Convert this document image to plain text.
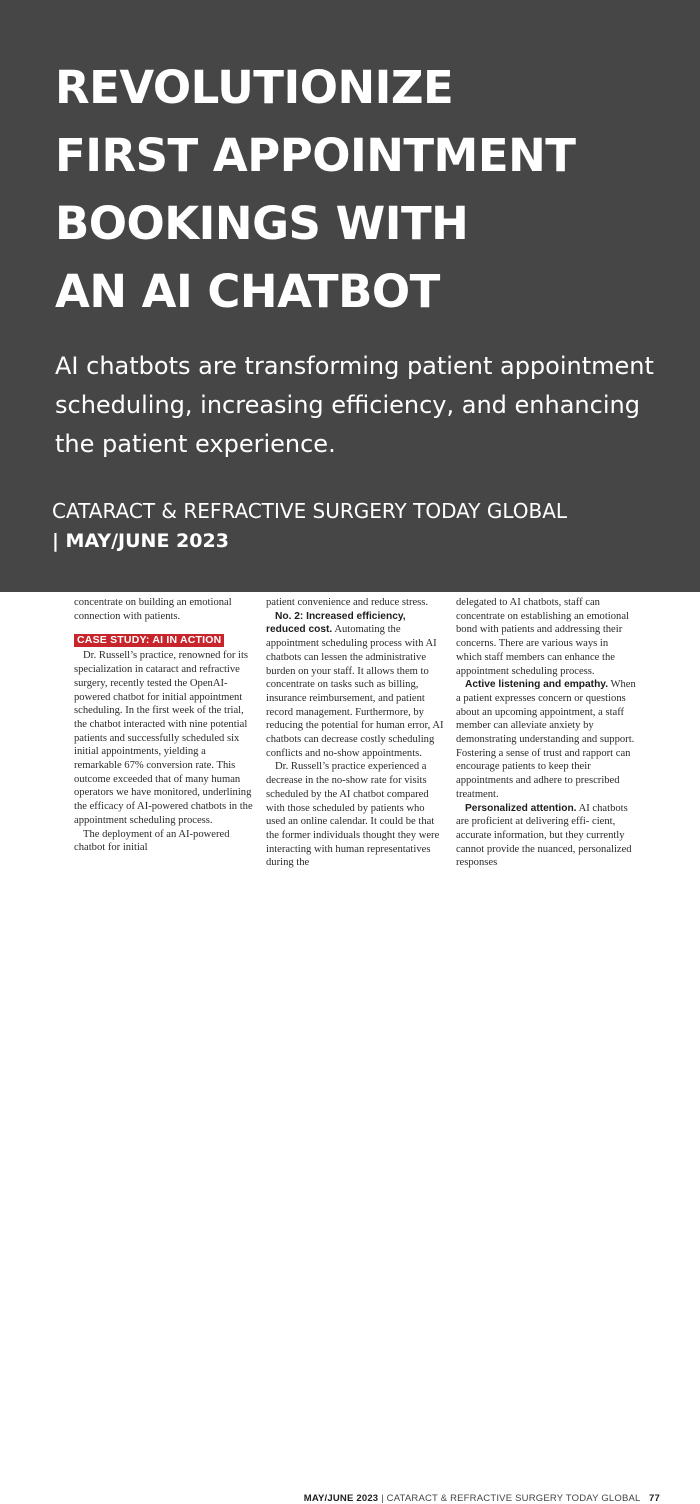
REVOLUTIONIZE
FIRST APPOINTMENT
BOOKINGS WITH
AN AI CHATBOT

AI chatbots are transforming patient appointment scheduling, increasing efficiency, and enhancing the patient experience.

CATARACT & REFRACTIVE SURGERY TODAY GLOBAL

| MAY/JUNE 2023

concentrate on building an emotional connection with patients.

CASE STUDY: AI IN ACTION

Dr. Russell’s practice, renowned for its specialization in cataract and refractive surgery, recently tested the OpenAI-powered chatbot for initial appointment scheduling. In the first week of the trial, the chatbot interacted with nine potential patients and successfully scheduled six initial appointments, yielding a remarkable 67% conversion rate. This outcome exceeded that of many human operators we have monitored, underlining the efficacy of AI-powered chatbots in the appointment scheduling process.

The deployment of an AI-powered chatbot for initial

patient convenience and reduce stress.

No. 2: Increased efficiency, reduced cost. Automating the appointment scheduling process with AI chatbots can lessen the administrative burden on your staff. It allows them to concentrate on tasks such as billing, insurance reimbursement, and patient record management. Furthermore, by reducing the potential for human error, AI chatbots can decrease costly scheduling conflicts and no-show appointments.

Dr. Russell’s practice experienced a decrease in the no-show rate for visits scheduled by the AI chatbot compared with those scheduled by patients who used an online calendar. It could be that the former individuals thought they were interacting with human representatives during the

delegated to AI chatbots, staff can concentrate on establishing an emotional bond with patients and addressing their concerns. There are various ways in which staff members can enhance the appointment scheduling process.

Active listening and empathy. When a patient expresses concern or questions about an upcoming appointment, a staff member can alleviate anxiety by demonstrating understanding and support. Fostering a sense of trust and rapport can encourage patients to keep their appointments and adhere to prescribed treatment.

Personalized attention. AI chatbots are proficient at delivering effi- cient, accurate information, but they currently cannot provide the nuanced, personalized responses

MAY/JUNE 2023 | CATARACT & REFRACTIVE SURGERY TODAY GLOBAL 77
